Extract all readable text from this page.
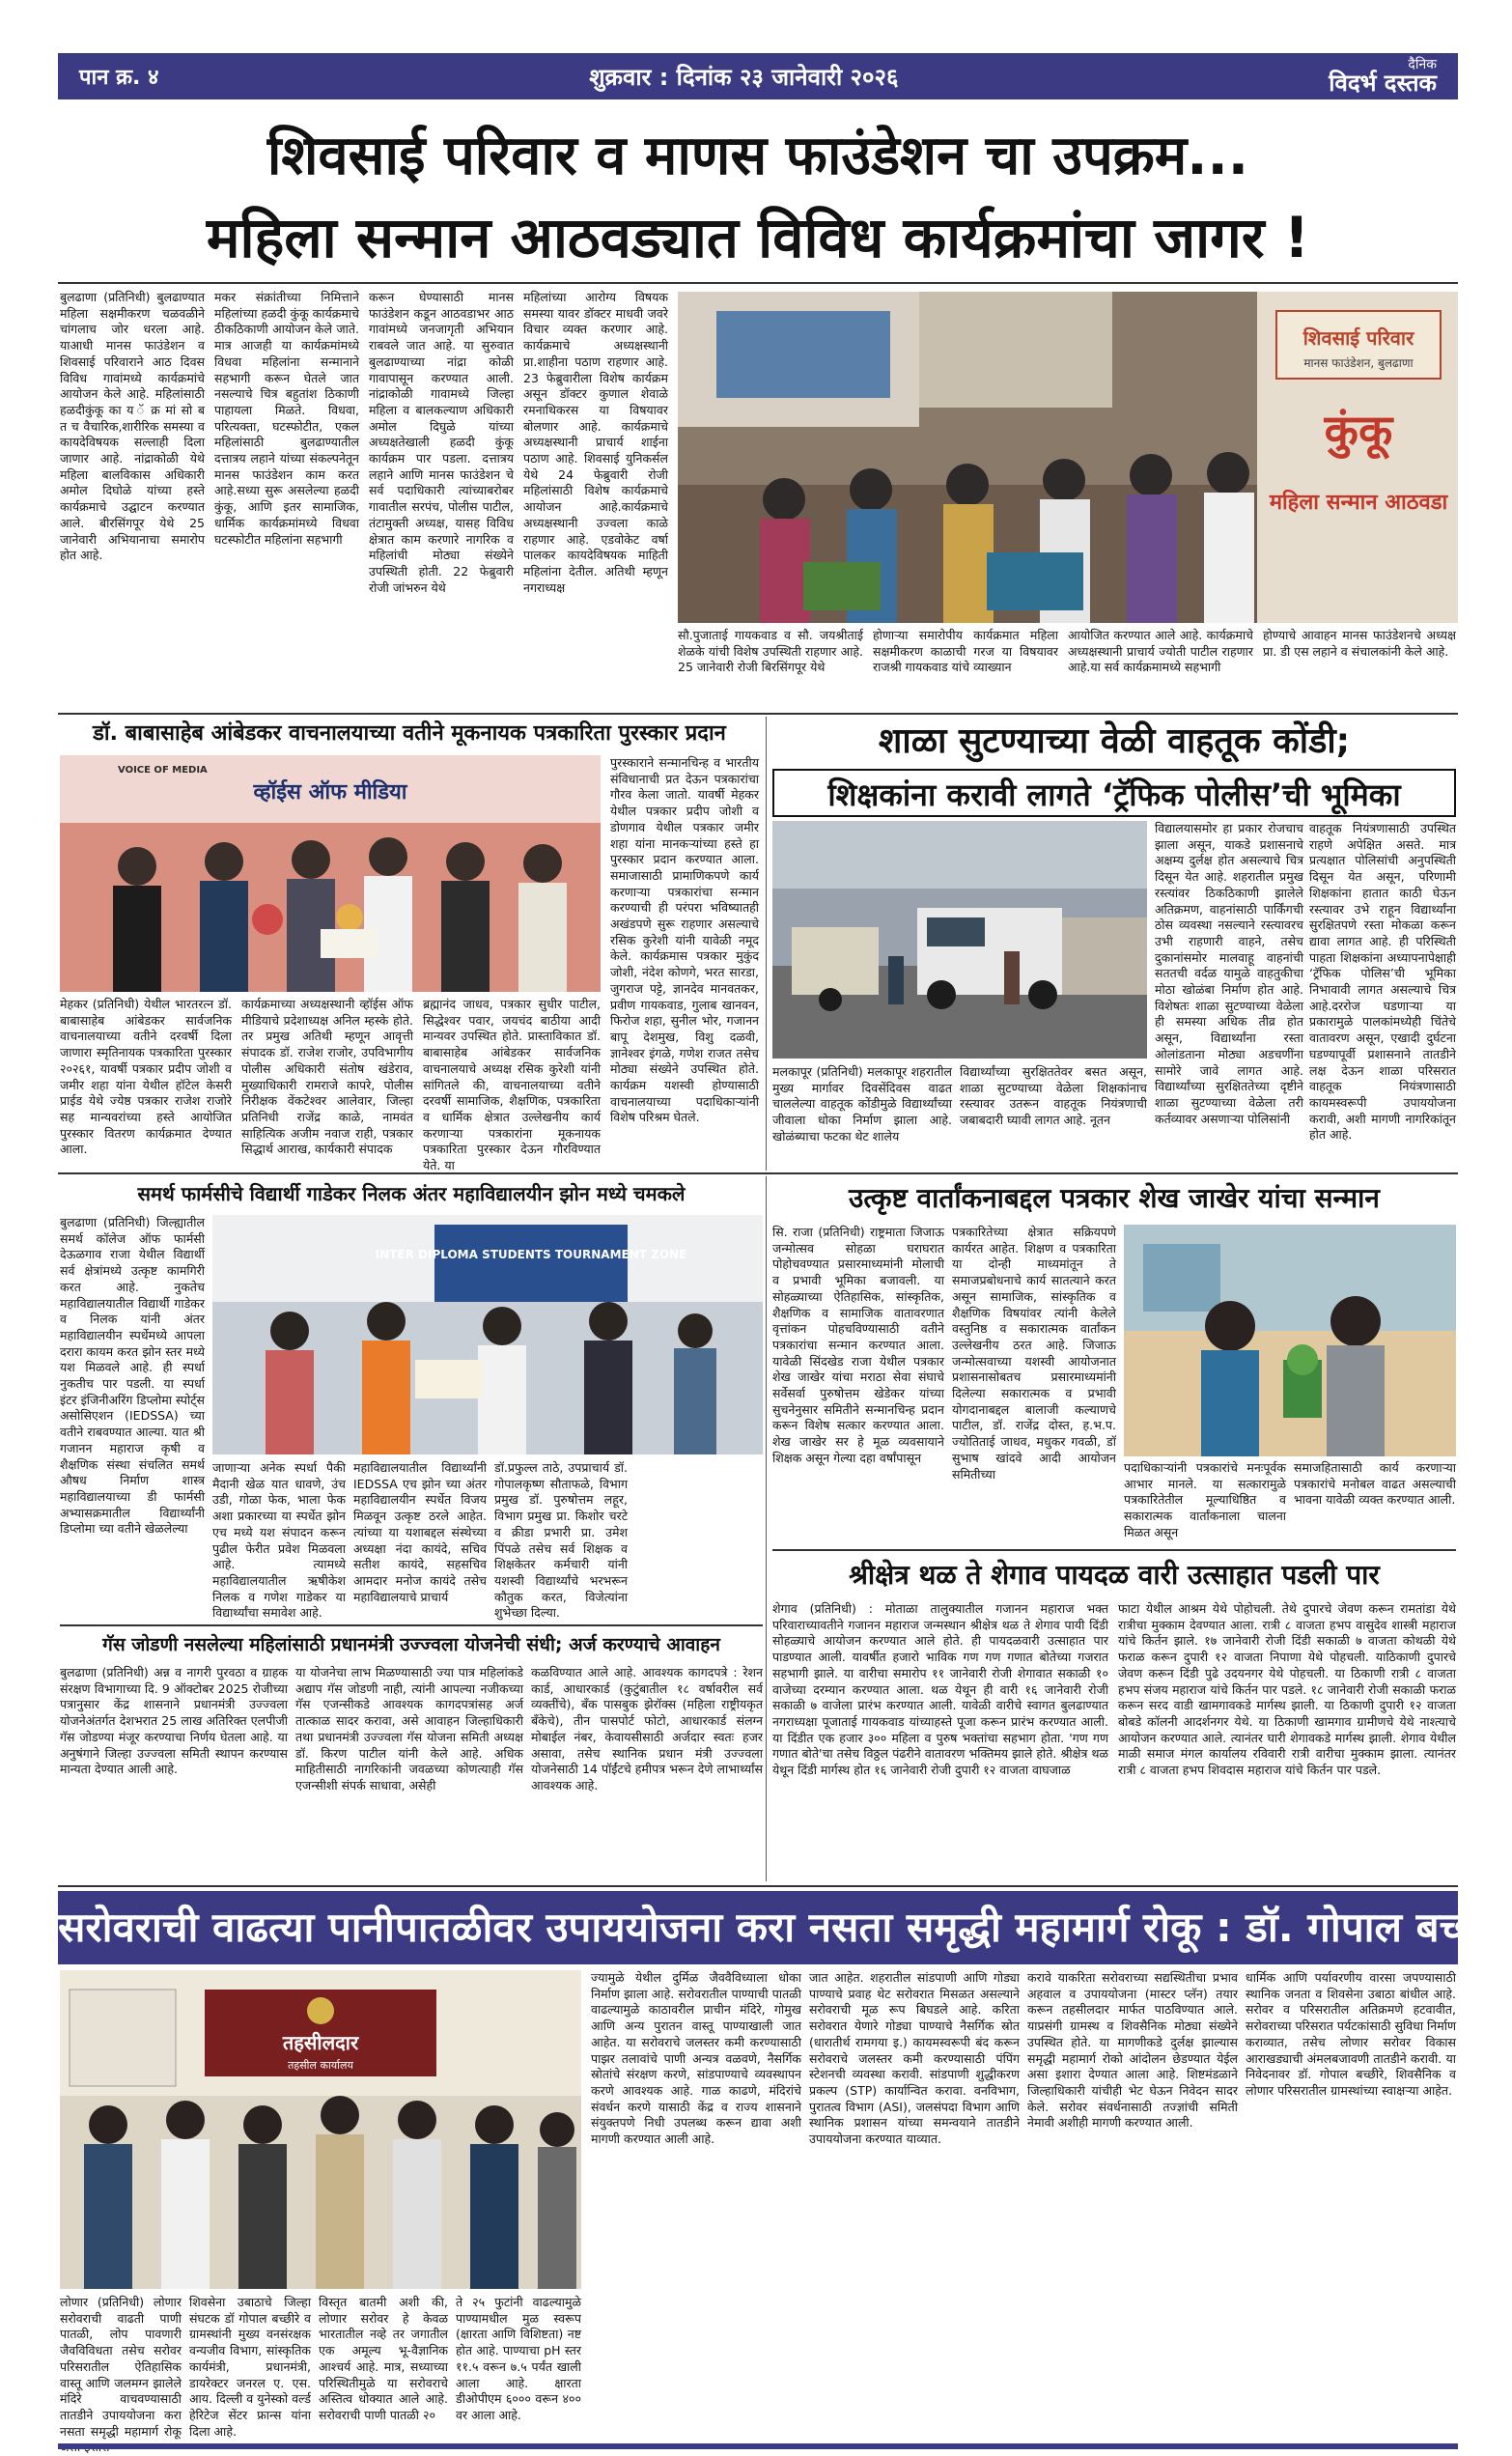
पान क्र. ४	शुक्रवार : दिनांक २३ जानेवारी २०२६	दैनिक
विदर्भ दस्तक
शिवसाई परिवार व माणस फाउंडेशन चा उपक्रम...
महिला सन्मान आठवड्यात विविध कार्यक्रमांचा जागर !
बुलढाणा (प्रतिनिधी) बुलढाण्यात महिला सक्षमीकरण चळवळीने चांगलाच जोर धरला आहे. याआधी मानस फाउंडेशन व शिवसाई परिवाराने आठ दिवस विविध गावांमध्ये कार्यक्रमांचे आयोजन केले आहे. महिलांसाठी हळदीकुंकू का य ॅ क्र मां सो ब त च वैचारिक,शारीरिक समस्या व कायदेविषयक सल्लाही दिला जाणार आहे. नांद्राकोळी येथे महिला बालविकास अधिकारी अमोल दिघोळे यांच्या हस्ते कार्यक्रमाचे उद्घाटन करण्यात आले. बीरसिंगपूर येथे 25 जानेवारी अभियानाचा समारोप होत आहे.
मकर संक्रांतीच्या निमित्ताने महिलांच्या हळदी कुंकू कार्यक्रमाचे ठीकठिकाणी आयोजन केले जाते. मात्र आजही या कार्यक्रमांमध्ये विधवा महिलांना सन्मानाने सहभागी करून घेतले जात नसल्याचे चित्र बहुतांश ठिकाणी पाहायला मिळते. विधवा, परित्यक्ता, घटस्फोटीत, एकल महिलांसाठी बुलढाण्यातील दत्तात्रय लहाने यांच्या संकल्पनेतून मानस फाउंडेशन काम करत आहे.सध्या सुरू असलेल्या हळदी कुंकू, आणि इतर सामाजिक, धार्मिक कार्यक्रमांमध्ये विधवा घटस्फोटीत महिलांना सहभागी
करून घेण्यासाठी मानस फाउंडेशन कडून आठवडाभर आठ गावांमध्ये जनजागृती अभियान राबवले जात आहे. या सुरुवात बुलढाण्याच्या नांद्रा कोळी गावापासून करण्यात आली. नांद्राकोळी गावामध्ये जिल्हा महिला व बालकल्याण अधिकारी अमोल दिघुळे यांच्या अध्यक्षतेखाली हळदी कुंकू कार्यक्रम पार पडला. दत्तात्रय लहाने आणि मानस फाउंडेशन चे सर्व पदाधिकारी त्यांच्याबरोबर गावातील सरपंच, पोलीस पाटील, तंटामुक्ती अध्यक्ष, यासह विविध क्षेत्रात काम करणारे नागरिक व महिलांची मोठ्या संख्येने उपस्थिती होती. 22 फेब्रुवारी रोजी जांभरुन येथे
महिलांच्या आरोग्य विषयक समस्या यावर डॉक्टर माधवी जवरे विचार व्यक्त करणार आहे. कार्यक्रमाचे अध्यक्षस्थानी प्रा.शाहीना पठाण राहणार आहे. 23 फेब्रुवारीला विशेष कार्यक्रम असून डॉक्टर कुणाल शेवाळे रमनाथिकरस या विषयावर बोलणार आहे. कार्यक्रमाचे अध्यक्षस्थानी प्राचार्य शाईना पठाण आहे. शिवसाई युनिकर्सल येथे 24 फेब्रुवारी रोजी महिलांसाठी विशेष कार्यक्रमाचे आयोजन आहे.कार्यक्रमाचे अध्यक्षस्थानी उज्वला काळे राहणार आहे. एडवोकेट वर्षा पालकर कायदेविषयक माहिती महिलांना देतील. अतिथी म्हणून नगराध्यक्ष
शिवसाई परिवार
मानस फाउंडेशन, बुलढाणा
कुंकू
महिला सन्मान आठवडा
सौ.पुजाताई गायकवाड व सौ. जयश्रीताई शेळके यांची विशेष उपस्थिती राहणार आहे. 25 जानेवारी रोजी बिरसिंगपूर येथे
होणाऱ्या समारोपीय कार्यक्रमात महिला सक्षमीकरण काळाची गरज या विषयावर राजश्री गायकवाड यांचे व्याख्यान
आयोजित करण्यात आले आहे. कार्यक्रमाचे अध्यक्षस्थानी प्राचार्य ज्योती पाटील राहणार आहे.या सर्व कार्यक्रमामध्ये सहभागी
होण्याचे आवाहन मानस फाउंडेशनचे अध्यक्ष प्रा. डी एस लहाने व संचालकांनी केले आहे.
डॉ. बाबासाहेब आंबेडकर वाचनालयाच्या वतीने मूकनायक पत्रकारिता पुरस्कार प्रदान
VOICE OF MEDIA
व्हॉईस ऑफ मीडिया
पुरस्काराने सन्मानचिन्ह व भारतीय संविधानाची प्रत देऊन पत्रकारांचा गौरव केला जातो. यावर्षी मेहकर येथील पत्रकार प्रदीप जोशी व डोणगाव येथील पत्रकार जमीर शहा यांना मानकऱ्यांच्या हस्ते हा पुरस्कार प्रदान करण्यात आला. समाजासाठी प्रामाणिकपणे कार्य करणाऱ्या पत्रकारांचा सन्मान करण्याची ही परंपरा भविष्यातही अखंडपणे सुरू राहणार असल्याचे रसिक कुरेशी यांनी यावेळी नमूद केले. कार्यक्रमास पत्रकार मुकुंद जोशी, नंदेश कोणगे, भरत सारडा, जुगराज पट्टे, ज्ञानदेव मानवतकर, प्रवीण गायकवाड, गुलाब खानवन, फिरोज शहा, सुनील भोर, गजानन बापू देशमुख, विशु दळवी, ज्ञानेश्वर इंगळे, गणेश राजत तसेच मोठ्या संख्येने उपस्थित होते. कार्यक्रम यशस्वी होण्यासाठी वाचनालयाच्या पदाधिकाऱ्यांनी विशेष परिश्रम घेतले.
मेहकर (प्रतिनिधी) येथील भारतरत्न डॉ. बाबासाहेब आंबेडकर सार्वजनिक वाचनालयाच्या वतीने दरवर्षी दिला जाणारा स्मृतिनायक पत्रकारिता पुरस्कार २०२६१, यावर्षी पत्रकार प्रदीप जोशी व जमीर शहा यांना येथील हॉटेल केसरी प्राईड येथे ज्येष्ठ पत्रकार राजेश राजोरे सह मान्यवरांच्या हस्ते आयोजित पुरस्कार वितरण कार्यक्रमात देण्यात आला.
कार्यक्रमाच्या अध्यक्षस्थानी व्हॉईस ऑफ मीडियाचे प्रदेशाध्यक्ष अनिल म्हस्के होते. तर प्रमुख अतिथी म्हणून आवृत्ती संपादक डॉ. राजेश राजोर, उपविभागीय पोलीस अधिकारी संतोष खंडेराव, मुख्याधिकारी रामराजे कापरे, पोलीस निरीक्षक वेंकटेश्वर आलेवार, जिल्हा प्रतिनिधी राजेंद्र काळे, नामवंत साहित्यिक अजीम नवाज राही, पत्रकार सिद्धार्थ आराख, कार्यकारी संपादक
ब्रह्मानंद जाधव, पत्रकार सुधीर पाटील, सिद्धेश्वर पवार, जयचंद बाठीया आदी मान्यवर उपस्थित होते. प्रास्ताविकात डॉ. बाबासाहेब आंबेडकर सार्वजनिक वाचनालयाचे अध्यक्ष रसिक कुरेशी यांनी सांगितले की, वाचनालयाच्या वतीने दरवर्षी सामाजिक, शैक्षणिक, पत्रकारिता व धार्मिक क्षेत्रात उल्लेखनीय कार्य करणाऱ्या पत्रकारांना मूकनायक पत्रकारिता पुरस्कार देऊन गौरविण्यात येते. या
शाळा सुटण्याच्या वेळी वाहतूक कोंडी;
शिक्षकांना करावी लागते ‘ट्रॅफिक पोलीस’ची भूमिका
विद्यालयासमोर हा प्रकार रोजचाच झाला असून, याकडे प्रशासनाचे अक्षम्य दुर्लक्ष होत असल्याचे चित्र दिसून येत आहे. शहरातील प्रमुख रस्त्यांवर ठिकठिकाणी झालेले अतिक्रमण, वाहनांसाठी पार्किंगची ठोस व्यवस्था नसल्याने रस्त्यावरच उभी राहणारी वाहने, तसेच दुकानांसमोर मालवाहू वाहनांची सततची वर्दळ यामुळे वाहतुकीचा मोठा खोळंबा निर्माण होत आहे. विशेषतः शाळा सुटण्याच्या वेळेला ही समस्या अधिक तीव्र होत असून, विद्यार्थ्यांना रस्ता ओलांडताना मोठ्या अडचणींना सामोरे जावे लागत आहे. विद्यार्थ्यांच्या सुरक्षिततेच्या दृष्टीने शाळा सुटण्याच्या वेळेला तरी कर्तव्यावर असणाऱ्या पोलिसांनी
वाहतूक नियंत्रणासाठी उपस्थित राहणे अपेक्षित असते. मात्र प्रत्यक्षात पोलिसांची अनुपस्थिती दिसून येत असून, परिणामी शिक्षकांना हातात काठी घेऊन रस्त्यावर उभे राहून विद्यार्थ्यांना सुरक्षितपणे रस्ता मोकळा करून द्यावा लागत आहे. ही परिस्थिती पाहता शिक्षकांना अध्यापनापेक्षाही ‘ट्रॅफिक पोलिस’ची भूमिका निभावावी लागत असल्याचे चित्र आहे.दररोज घडणाऱ्या या प्रकारामुळे पालकांमध्येही चिंतेचे वातावरण असून, एखादी दुर्घटना घडण्यापूर्वी प्रशासनाने तातडीने लक्ष देऊन शाळा परिसरात वाहतूक नियंत्रणासाठी कायमस्वरूपी उपाययोजना करावी, अशी मागणी नागरिकांतून होत आहे.
मलकापूर (प्रतिनिधी) मलकापूर शहरातील मुख्य मार्गावर दिवसेंदिवस वाढत चाललेल्या वाहतूक कोंडीमुळे विद्यार्थ्यांच्या जीवाला धोका निर्माण झाला आहे. खोळंब्याचा फटका थेट शालेय
विद्यार्थ्यांच्या सुरक्षिततेवर बसत असून, शाळा सुटण्याच्या वेळेला शिक्षकांनाच रस्त्यावर उतरून वाहतूक नियंत्रणाची जबाबदारी घ्यावी लागत आहे. नूतन
समर्थ फार्मसीचे विद्यार्थी गाडेकर निलक अंतर महाविद्यालयीन झोन मध्ये चमकले
बुलढाणा (प्रतिनिधी) जिल्ह्यातील समर्थ कॉलेज ऑफ फार्मसी देऊळगाव राजा येथील विद्यार्थी सर्व क्षेत्रांमध्ये उत्कृष्ट कामगिरी करत आहे. नुकतेच महाविद्यालयातील विद्यार्थी गाडेकर व निलक यांनी अंतर महाविद्यालयीन स्पर्धेमध्ये आपला दरारा कायम करत झोन स्तर मध्ये यश मिळवले आहे. ही स्पर्धा नुकतीच पार पडली. या स्पर्धा इंटर इंजिनीअरिंग डिप्लोमा स्पोर्ट्स असोसिएशन (IEDSSA) च्या वतीने राबवण्यात आल्या. यात श्री गजानन महाराज कृषी व शैक्षणिक संस्था संचलित समर्थ औषध निर्माण शास्त्र महाविद्यालयाच्या डी फार्मसी अभ्यासक्रमातील विद्यार्थ्यांनी डिप्लोमा च्या वतीने खेळलेल्या
INTER DIPLOMA STUDENTS TOURNAMENT ZONE
जाणाऱ्या अनेक स्पर्धा पैकी मैदानी खेळ यात धावणे, उंच उडी, गोळा फेक, भाला फेक अशा प्रकारच्या या स्पर्धेत झोन एच मध्ये यश संपादन करून पुढील फेरीत प्रवेश मिळवला आहे. त्यामध्ये महाविद्यालयातील ऋषीकेश निलक व गणेश गाडेकर या विद्यार्थ्यांचा समावेश आहे.
महाविद्यालयातील विद्यार्थ्यांनी IEDSSA एच झोन च्या अंतर महाविद्यालयीन स्पर्धेत विजय मिळवून उत्कृष्ट ठरले आहेत. त्यांच्या या यशाबद्दल संस्थेच्या अध्यक्षा नंदा कायंदे, सचिव सतीश कायंदे, सहसचिव आमदार मनोज कायंदे तसेच महाविद्यालयाचे प्राचार्य
डॉ.प्रफुल्ल ताठे, उपप्राचार्य डॉ. गोपालकृष्ण सौताफळे, विभाग प्रमुख डॉ. पुरुषोत्तम लहूर, विभाग प्रमुख प्रा. किशोर चरटे व क्रीडा प्रभारी प्रा. उमेश पिंपळे तसेच सर्व शिक्षक व शिक्षकेतर कर्मचारी यांनी यशस्वी विद्यार्थ्यांचे भरभरून कौतुक करत, विजेत्यांना शुभेच्छा दिल्या.
गॅस जोडणी नसलेल्या महिलांसाठी प्रधानमंत्री उज्ज्वला योजनेची संधी; अर्ज करण्याचे आवाहन
बुलढाणा (प्रतिनिधी) अन्न व नागरी पुरवठा व ग्राहक संरक्षण विभागाच्या दि. 9 ऑक्टोबर 2025 रोजीच्या पत्रानुसार केंद्र शासनाने प्रधानमंत्री उज्ज्वला योजनेअंतर्गत देशभरात 25 लाख अतिरिक्त एलपीजी गॅस जोडण्या मंजूर करण्याचा निर्णय घेतला आहे. या अनुषंगाने जिल्हा उज्ज्वला समिती स्थापन करण्यास मान्यता देण्यात आली आहे.
या योजनेचा लाभ मिळण्यासाठी ज्या पात्र महिलांकडे अद्याप गॅस जोडणी नाही, त्यांनी आपल्या नजीकच्या गॅस एजन्सीकडे आवश्यक कागदपत्रांसह अर्ज तात्काळ सादर करावा, असे आवाहन जिल्हाधिकारी तथा प्रधानमंत्री उज्ज्वला गॅस योजना समिती अध्यक्ष डॉ. किरण पाटील यांनी केले आहे. अधिक माहितीसाठी नागरिकांनी जवळच्या कोणत्याही गॅस एजन्सीशी संपर्क साधावा, असेही
कळविण्यात आले आहे. आवश्यक कागदपत्रे : रेशन कार्ड, आधारकार्ड (कुटुंबातील १८ वर्षावरील सर्व व्यक्तींचे), बँक पासबुक झेरॉक्स (महिला राष्ट्रीयकृत बँकेचे), तीन पासपोर्ट फोटो, आधारकार्ड संलग्न मोबाईल नंबर, केवायसीसाठी अर्जदार स्वतः हजर असावा, तसेच स्थानिक प्रधान मंत्री उज्ज्वला योजनेसाठी 14 पॉईंटचे हमीपत्र भरून देणे लाभार्थ्यांस आवश्यक आहे.
उत्कृष्ट वार्तांकनाबद्दल पत्रकार शेख जाखेर यांचा सन्मान
सि. राजा (प्रतिनिधी) राष्ट्रमाता जिजाऊ जन्मोत्सव सोहळा घराघरात पोहोचवण्यात प्रसारमाध्यमांनी मोलाची व प्रभावी भूमिका बजावली. या सोहळ्याच्या ऐतिहासिक, सांस्कृतिक, शैक्षणिक व सामाजिक वातावरणात वृत्तांकन पोहचविण्यासाठी वतीने पत्रकारांचा सन्मान करण्यात आला. यावेळी सिंदखेड राजा येथील पत्रकार शेख जाखेर यांचा मराठा सेवा संघाचे सर्वेसर्वा पुरुषोत्तम खेडेकर यांच्या सुचनेनुसार समितीने सन्मानचिन्ह प्रदान करून विशेष सत्कार करण्यात आला. शेख जाखेर सर हे मूळ व्यवसायाने शिक्षक असून गेल्या दहा वर्षांपासून
पत्रकारितेच्या क्षेत्रात सक्रियपणे कार्यरत आहेत. शिक्षण व पत्रकारिता या दोन्ही माध्यमांतून ते समाजप्रबोधनाचे कार्य सातत्याने करत असून सामाजिक, सांस्कृतिक व शैक्षणिक विषयांवर त्यांनी केलेले वस्तुनिष्ठ व सकारात्मक वार्तांकन उल्लेखनीय ठरत आहे. जिजाऊ जन्मोत्सवाच्या यशस्वी आयोजनात प्रशासनासोबतच प्रसारमाध्यमांनी दिलेल्या सकारात्मक व प्रभावी योगदानाबद्दल बालाजी कल्याणचे पाटील, डॉ. राजेंद्र दोस्त, ह.भ.प. ज्योतिताई जाधव, मधुकर गवळी, डॉ सुभाष खांदवे आदी आयोजन समितीच्या	पदाधिकाऱ्यांनी पत्रकारांचे मनःपूर्वक आभार मानले. या सत्कारामुळे पत्रकारितेतील मूल्याधिष्ठित व सकारात्मक वार्तांकनाला चालना मिळत असून
समाजहितासाठी कार्य करणाऱ्या पत्रकारांचे मनोबल वाढत असल्याची भावना यावेळी व्यक्त करण्यात आली.
श्रीक्षेत्र थळ ते शेगाव पायदळ वारी उत्साहात पडली पार
शेगाव (प्रतिनिधी) : मोताळा तालुक्यातील गजानन महाराज भक्त परिवाराच्यावतीने गजानन महाराज जन्मस्थान श्रीक्षेत्र थळ ते शेगाव पायी दिंडी सोहळ्याचे आयोजन करण्यात आले होते. ही पायदळवारी उत्साहात पार पाडण्यात आली. यावर्षीत हजारो भाविक गण गण गणात बोतेच्या गजरात सहभागी झाले. या वारीचा समारोप ११ जानेवारी रोजी शेगावात सकाळी १० वाजेच्या दरम्यान करण्यात आला. थळ येथून ही वारी १६ जानेवारी रोजी सकाळी ७ वाजेला प्रारंभ करण्यात आली. यावेळी वारीचे स्वागत बुलढाण्यात नगराध्यक्षा पूजाताई गायकवाड यांच्याहस्ते पूजा करून प्रारंभ करण्यात आली. या दिंडीत एक हजार ३०० महिला व पुरुष भक्तांचा सहभाग होता. 'गण गण गणात बोते'चा तसेच विठ्ठल पंढरीने वातावरण भक्तिमय झाले होते. श्रीक्षेत्र थळ येथून दिंडी मार्गस्थ होत १६ जानेवारी रोजी दुपारी १२ वाजता वाघजाळ
फाटा येथील आश्रम येथे पोहोचली. तेथे दुपारचे जेवण करून रामतांडा येथे रात्रीचा मुक्काम देवण्यात आला. रात्री ८ वाजता हभप वासुदेव शास्त्री महाराज यांचे किर्तन झाले. १७ जानेवारी रोजी दिंडी सकाळी ७ वाजता कोथळी येथे फराळ करून दुपारी १२ वाजता निपाणा येथे पोहचली. याठिकाणी दुपारचे जेवण करून दिंडी पुढे उदयनगर येथे पोहचली. या ठिकाणी रात्री ८ वाजता हभप संजय महाराज यांचे किर्तन पार पडले. १८ जानेवारी रोजी सकाळी फराळ करून सरद वाडी खामगावकडे मार्गस्थ झाली. या ठिकाणी दुपारी १२ वाजता बोबडे कॉलनी आदर्शनगर येथे. या ठिकाणी खामगाव ग्रामीणचे येथे नाश्त्याचे आयोजन करण्यात आले. त्यानंतर घारी शेगावकडे मार्गस्थ झाली. शेगाव येथील माळी समाज मंगल कार्यालय रविवारी रात्री वारीचा मुक्काम झाला. त्यानंतर रात्री ८ वाजता हभप शिवदास महाराज यांचे किर्तन पार पडले.
सरोवराची वाढत्या पानीपातळीवर उपाययोजना करा नसता समृद्धी महामार्ग रोकू : डॉ. गोपाल बच्छीरे
तहसीलदार
तहसील कार्यालय
लोणार (प्रतिनिधी) लोणार सरोवराची वाढती पाणी पातळी, लोप पावणारी जैवविविधता तसेच सरोवर परिसरातील ऐतिहासिक वास्तू आणि जलमग्न झालेले मंदिरे वाचवण्यासाठी तातडीने उपाययोजना करा नसता समृद्धी महामार्ग रोकू
शिवसेना उबाठाचे जिल्हा संघटक डॉ गोपाल बच्छीरे व ग्रामस्थांनी मुख्य वनसंरक्षक वन्यजीव विभाग, सांस्कृतिक कार्यमंत्री, प्रधानमंत्री, डायरेक्टर जनरल ए. एस. आय. दिल्ली व युनेस्को वर्ल्ड हेरिटेज सेंटर फ्रान्स यांना दिला आहे.
विस्तृत बातमी अशी की, लोणार सरोवर हे केवळ भारतातील नव्हे तर जगातील एक अमूल्य भू-वैज्ञानिक आश्चर्य आहे. मात्र, सध्याच्या परिस्थितीमुळे या सरोवराचे अस्तित्व धोक्यात आले आहे. सरोवराची पाणी पातळी २०
ते २५ फुटांनी वाढल्यामुळे पाण्यामधील मुळ स्वरूप (क्षारता आणि विशिष्टता) नष्ट होत आहे. पाण्याचा pH स्तर ११.५ वरून ७.५ पर्यंत खाली आला आहे. क्षारता डीओपीएम ६००० वरून ४०० वर आला आहे.
ज्यामुळे येथील दुर्मिळ जैववैविध्याला धोका निर्माण झाला आहे. सरोवरातील पाण्याची पातळी वाढल्यामुळे काठावरील प्राचीन मंदिरे, गोमुख आणि अन्य पुरातन वास्तू पाण्याखाली जात आहेत. या सरोवराचे जलस्तर कमी करण्यासाठी पाझर तलावांचे पाणी अन्यत्र वळवणे, नैसर्गिक स्रोतांचे संरक्षण करणे, सांडपाण्याचे व्यवस्थापन करणे आवश्यक आहे. गाळ काढणे, मंदिरांचे संवर्धन करणे यासाठी केंद्र व राज्य शासनाने संयुक्तपणे निधी उपलब्ध करून द्यावा अशी मागणी करण्यात आली आहे.
जात आहेत. शहरातील सांडपाणी आणि गोड्या पाण्याचे प्रवाह थेट सरोवरात मिसळत असल्याने सरोवराची मूळ रूप बिघडले आहे. करिता सरोवरात येणारे गोड्या पाण्याचे नैसर्गिक स्रोत (धारातीर्थ रामगया इ.) कायमस्वरूपी बंद करून सरोवराचे जलस्तर कमी करण्यासाठी पंपिंग स्टेशनची व्यवस्था करावी. सांडपाणी शुद्धीकरण प्रकल्प (STP) कार्यान्वित करावा. वनविभाग, पुरातत्व विभाग (ASI), जलसंपदा विभाग आणि स्थानिक प्रशासन यांच्या समन्वयाने तातडीने उपाययोजना करण्यात याव्यात.
करावे याकरिता सरोवराच्या सद्यस्थितीचा प्रभाव अहवाल व उपाययोजना (मास्टर प्लॅन) तयार करून तहसीलदार मार्फत पाठविण्यात आले. याप्रसंगी ग्रामस्थ व शिवसैनिक मोठ्या संख्येने उपस्थित होते. या मागणीकडे दुर्लक्ष झाल्यास समृद्धी महामार्ग रोको आंदोलन छेडण्यात येईल असा इशारा देण्यात आला आहे. शिष्टमंडळाने जिल्हाधिकारी यांचीही भेट घेऊन निवेदन सादर केले. सरोवर संवर्धनासाठी तज्ज्ञांची समिती नेमावी अशीही मागणी करण्यात आली.
धार्मिक आणि पर्यावरणीय वारसा जपण्यासाठी स्थानिक जनता व शिवसेना उबाठा बांधील आहे. सरोवर व परिसरातील अतिक्रमणे हटवावीत, सरोवराच्या परिसरात पर्यटकांसाठी सुविधा निर्माण कराव्यात, तसेच लोणार सरोवर विकास आराखड्याची अंमलबजावणी तातडीने करावी. या निवेदनावर डॉ. गोपाल बच्छीरे, शिवसैनिक व लोणार परिसरातील ग्रामस्थांच्या स्वाक्षऱ्या आहेत.
